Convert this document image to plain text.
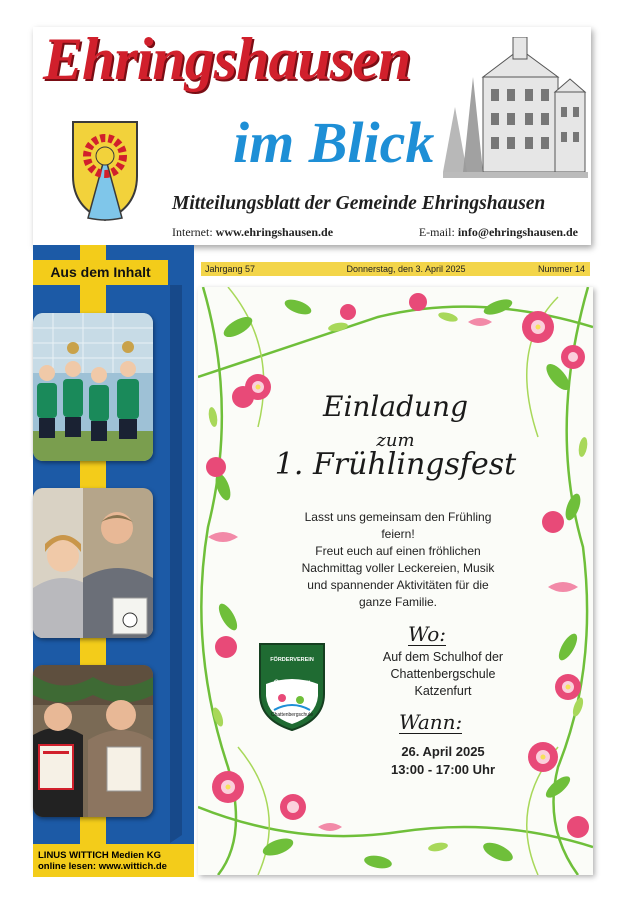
Ehringshausen
im Blick
Mitteilungsblatt der Gemeinde Ehringshausen
Internet: www.ehringshausen.de	E-mail: info@ehringshausen.de
Aus dem Inhalt
LINUS WITTICH Medien KG
online lesen: www.wittich.de
Jahrgang 57	Donnerstag, den 3. April 2025	Nummer 14
Einladung
zum
1. Frühlingsfest
Lasst uns gemeinsam den Frühling
feiern!
Freut euch auf einen fröhlichen
Nachmittag voller Leckereien, Musik
und spannender Aktivitäten für die
ganze Familie.
Wo:
Auf dem Schulhof der
Chattenbergschule
Katzenfurt
Wann:
26. April 2025
13:00 - 17:00 Uhr
FÖRDERVEREIN
Gemeinsam
sind wir stark
Chattenbergschule
